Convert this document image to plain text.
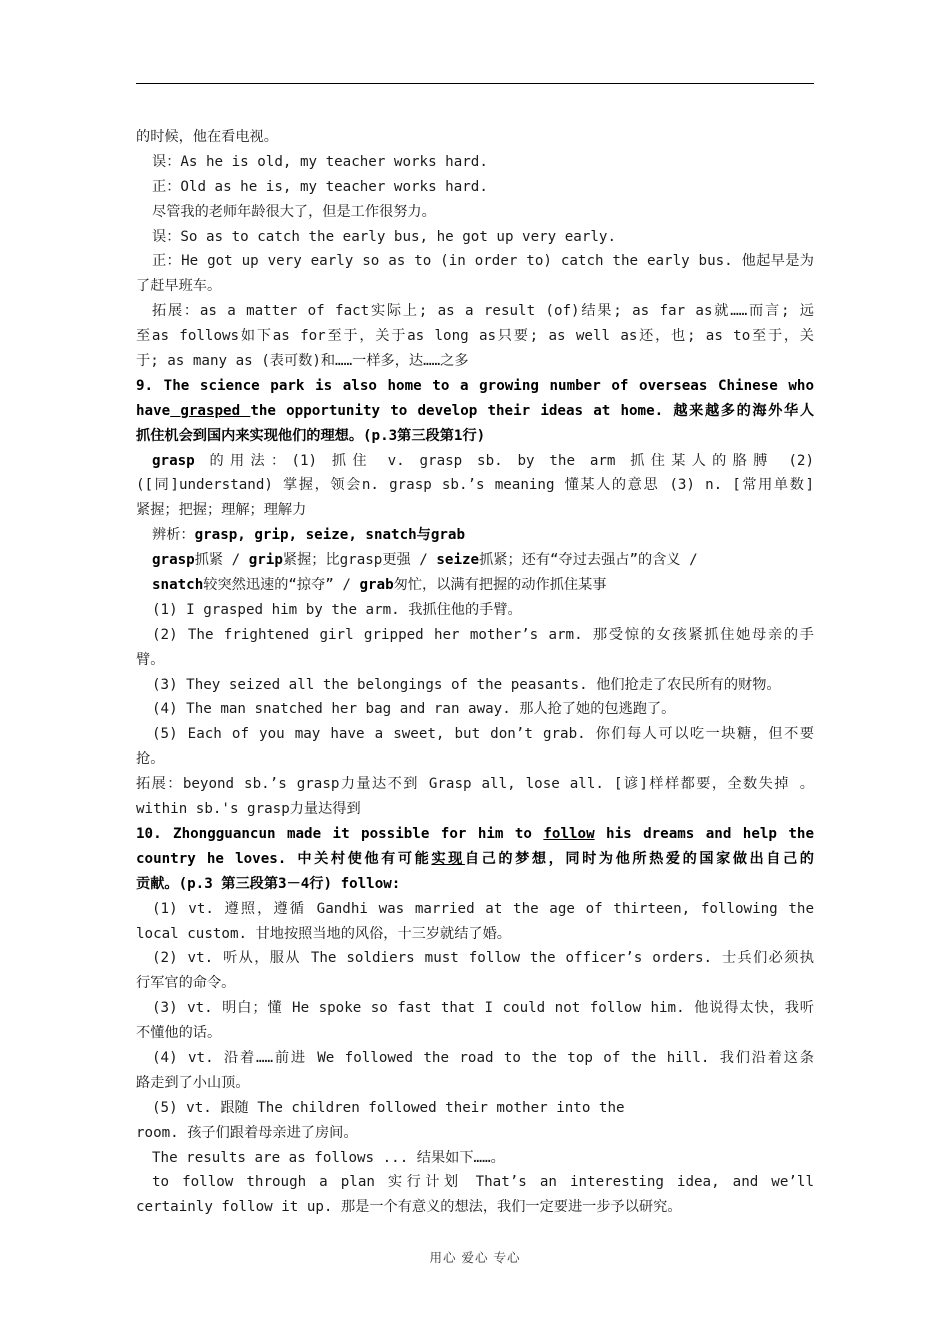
的时候，他在看电视。
误：As he is old, my teacher works hard.
正：Old as he is, my teacher works hard.
尽管我的老师年龄很大了，但是工作很努力。
误：So as to catch the early bus, he got up very early.
正：He got up very early so as to (in order to) catch the early bus. 他起早是为
了赶早班车。
拓展：as a matter of fact实际上; as a result (of)结果; as far as就……而言; 远
至as follows如下as for至于，关于as long as只要; as well as还，也; as to至于，关
于; as many as (表可数)和……一样多，达……之多
9. The science park is also home to a growing number of overseas Chinese who
have grasped the opportunity to develop their ideas at home. 越来越多的海外华人
抓住机会到国内来实现他们的理想。(p.3第三段第1行)
grasp 的用法：(1) 抓住 v. grasp sb. by the arm 抓住某人的胳膊 (2)
([同]understand) 掌握，领会n. grasp sb.’s meaning 懂某人的意思 (3) n. [常用单数]
紧握；把握；理解；理解力
辨析：grasp, grip, seize, snatch与grab
grasp抓紧 / grip紧握；比grasp更强 / seize抓紧；还有“夺过去强占”的含义 /
snatch较突然迅速的“掠夺” / grab匆忙，以满有把握的动作抓住某事
(1) I grasped him by the arm. 我抓住他的手臂。
(2) The frightened girl gripped her mother’s arm. 那受惊的女孩紧抓住她母亲的手
臂。
(3) They seized all the belongings of the peasants. 他们抢走了农民所有的财物。
(4) The man snatched her bag and ran away. 那人抢了她的包逃跑了。
(5) Each of you may have a sweet, but don’t grab. 你们每人可以吃一块糖，但不要
抢。
拓展：beyond sb.’s grasp力量达不到 Grasp all, lose all. [谚]样样都要，全数失掉 。
within sb.'s grasp力量达得到
10. Zhongguancun made it possible for him to follow his dreams and help the
country he loves. 中关村使他有可能实现自己的梦想，同时为他所热爱的国家做出自己的
贡献。(p.3 第三段第3－4行) follow:
(1) vt. 遵照，遵循 Gandhi was married at the age of thirteen, following the
local custom. 甘地按照当地的风俗，十三岁就结了婚。
(2) vt. 听从，服从 The soldiers must follow the officer’s orders. 士兵们必须执
行军官的命令。
(3) vt. 明白；懂 He spoke so fast that I could not follow him. 他说得太快，我听
不懂他的话。
(4) vt. 沿着……前进 We followed the road to the top of the hill. 我们沿着这条
路走到了小山顶。
(5) vt. 跟随 The children followed their mother into the
room. 孩子们跟着母亲进了房间。
The results are as follows ... 结果如下……。
to follow through a plan 实行计划 That’s an interesting idea, and we’ll
certainly follow it up. 那是一个有意义的想法，我们一定要进一步予以研究。
用心 爱心 专心
